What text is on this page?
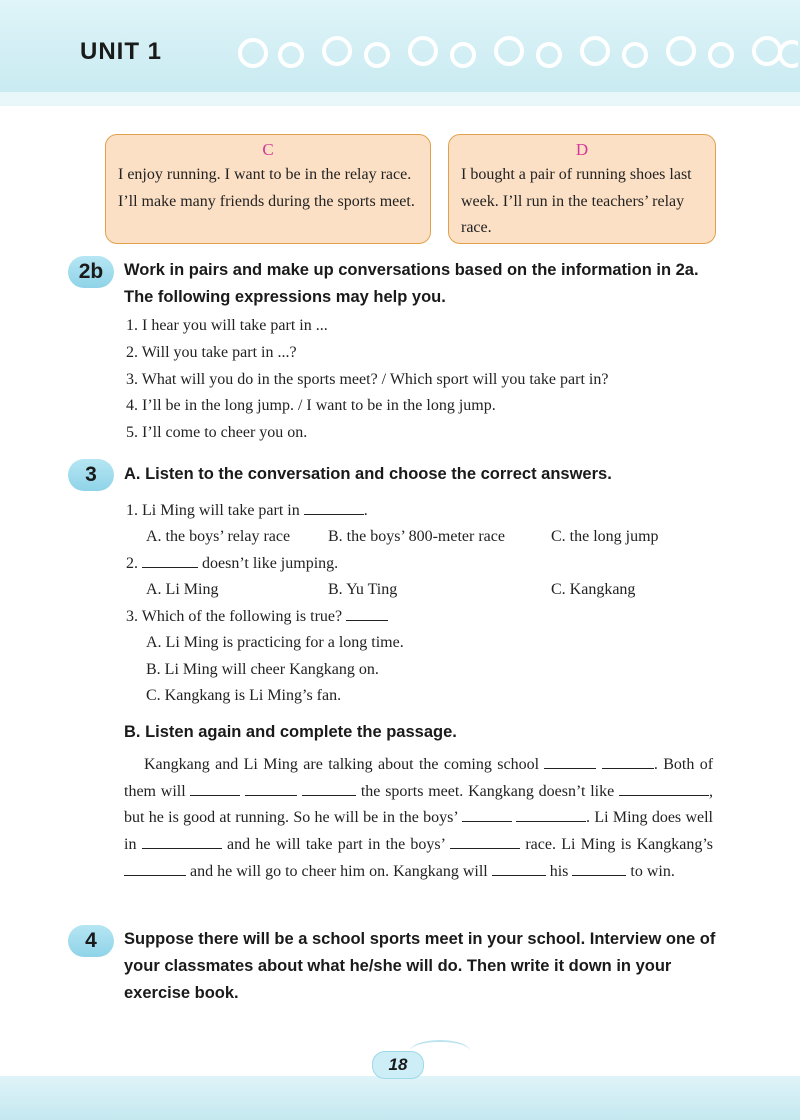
UNIT 1
C
I enjoy running. I want to be in the relay race. I’ll make many friends during the sports meet.
D
I bought a pair of running shoes last week. I’ll run in the teachers’ relay race.
2b	Work in pairs and make up conversations based on the information in 2a. The following expressions may help you.
1. I hear you will take part in ...
2. Will you take part in ...?
3. What will you do in the sports meet? / Which sport will you take part in?
4. I’ll be in the long jump. / I want to be in the long jump.
5. I’ll come to cheer you on.
3	A. Listen to the conversation and choose the correct answers.
1. Li Ming will take part in	.
A. the boys’ relay race B. the boys’ 800-meter race	C. the long jump
2.	doesn’t like jumping.
A. Li Ming	B. Yu Ting	C. Kangkang
3. Which of the following is true?
A. Li Ming is practicing for a long time.
B. Li Ming will cheer Kangkang on.
C. Kangkang is Li Ming’s fan.
B. Listen again and complete the passage.
Kangkang and Li Ming are talking about the coming school	. Both of them will	the sports meet. Kangkang doesn’t like	, but he is good at running. So he will be in the boys’	. Li Ming does well in	and he will take part in the boys’	race. Li Ming is Kangkang’s  and he will go to cheer him on. Kangkang will	his	to win.
4	Suppose there will be a school sports meet in your school. Interview one of your classmates about what he/she will do. Then write it down in your exercise book.
18
